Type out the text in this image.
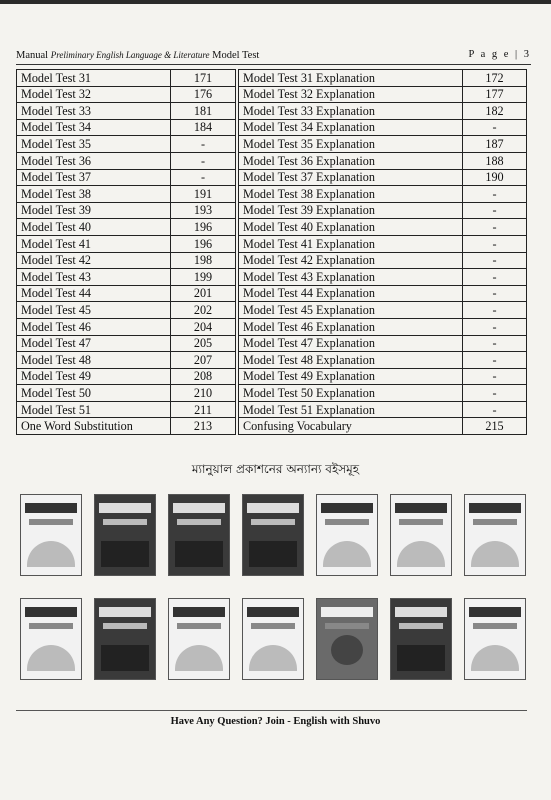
Manual Preliminary English Language & Literature Model Test	P a g e | 3
Model Test 31	171		Model Test 31 Explanation	172
Model Test 32	176		Model Test 32 Explanation	177
Model Test 33	181		Model Test 33 Explanation	182
Model Test 34	184		Model Test 34 Explanation	-
Model Test 35	-		Model Test 35 Explanation	187
Model Test 36	-		Model Test 36 Explanation	188
Model Test 37	-		Model Test 37 Explanation	190
Model Test 38	191		Model Test 38 Explanation	-
Model Test 39	193		Model Test 39 Explanation	-
Model Test 40	196		Model Test 40 Explanation	-
Model Test 41	196		Model Test 41 Explanation	-
Model Test 42	198		Model Test 42 Explanation	-
Model Test 43	199		Model Test 43 Explanation	-
Model Test 44	201		Model Test 44 Explanation	-
Model Test 45	202		Model Test 45 Explanation	-
Model Test 46	204		Model Test 46 Explanation	-
Model Test 47	205		Model Test 47 Explanation	-
Model Test 48	207		Model Test 48 Explanation	-
Model Test 49	208		Model Test 49 Explanation	-
Model Test 50	210		Model Test 50 Explanation	-
Model Test 51	211		Model Test 51 Explanation	-
One Word Substitution	213		Confusing Vocabulary	215
ম্যানুয়াল প্রকাশনের অন্যান্য বইসমূহ
Have Any Question? Join - English with Shuvo
